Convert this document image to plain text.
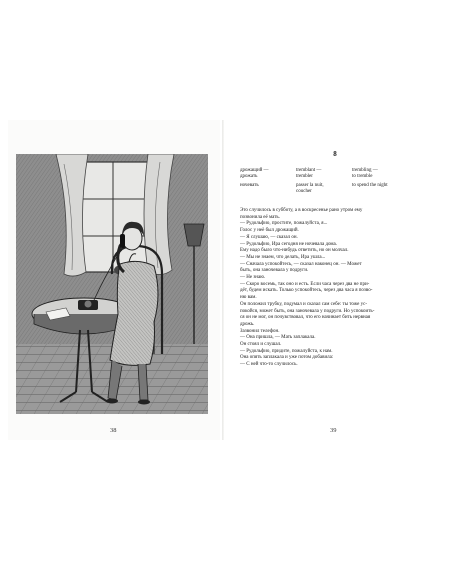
38
8
дрожащий —
дрожать
tremblant —
trembler
trembling —
to tremble
ночевать	passer la nuit,
coucher
to spend the night

Это случилось в субботу, а в воскресенье рано утром ему

позвонила её мать.

— Рудольфио, простите, пожалуйста, я...

Голос у неё был дрожащий.

— Я слушаю, — сказал он.

— Рудольфио, Ира сегодня не ночевала дома.

Ему надо было что-нибудь ответить, но он молчал.

— Мы не знаем, что делать, Ира ушла...

— Сначала успокойтесь, — сказал наконец он. — Может

быть, она заночевала у подруги.

— Не знаю.

— Скоро восемь, так оно и есть. Если часа через два не при-

дёт, будем искать. Только успокойтесь, через два часа я позво-

ню вам.

Он положил трубку, подумал и сказал сам себе: ты тоже ус-

покойся, может быть, она заночевала у подруги. Но успокоить-

ся он не мог, он почувствовал, что его начинает бить нервная

дрожь.

Зазвонил телефон.

— Она пришла, — Мать заплакала.

Он стоял и слушал.

— Рудольфио, придите, пожалуйста, к нам.

Она опять заплакала и уже потом добавила:

— С ней что-то случилось.

39
